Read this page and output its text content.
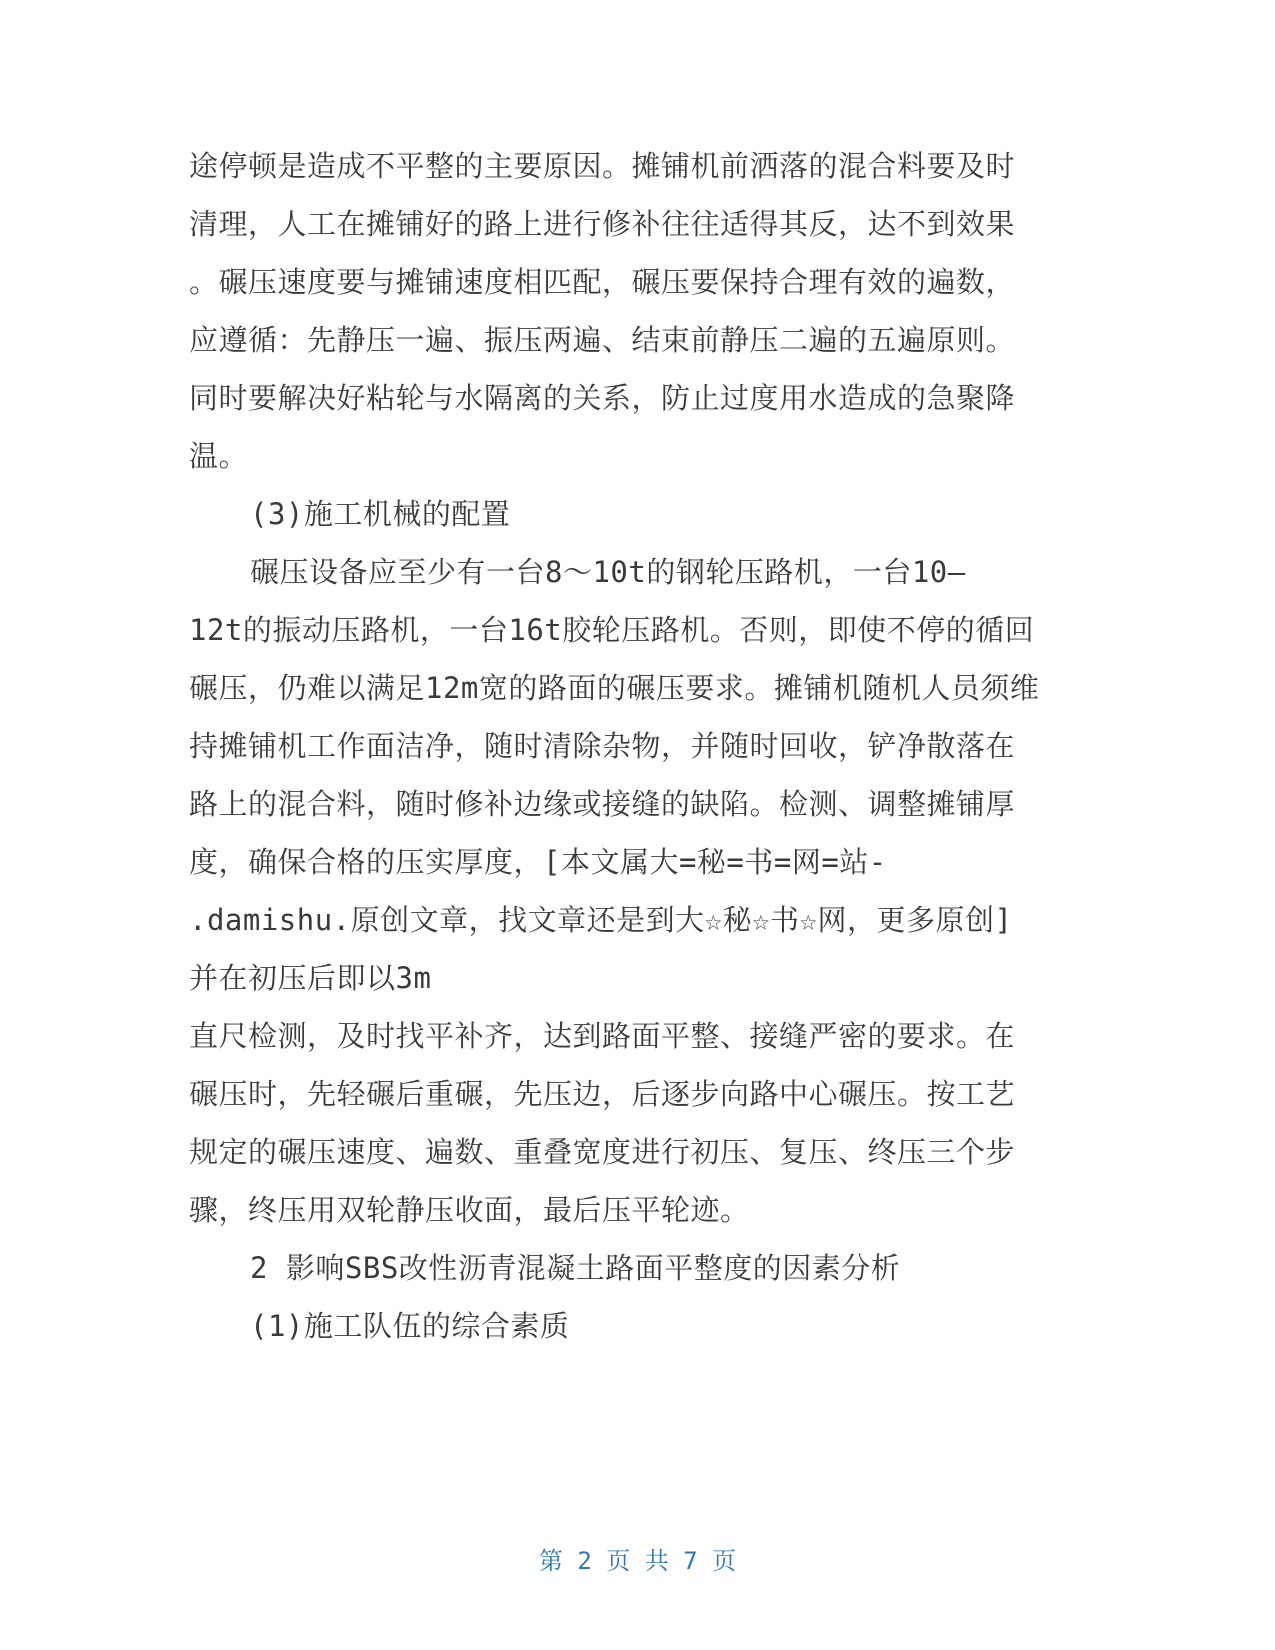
途停顿是造成不平整的主要原因。摊铺机前洒落的混合料要及时
清理，人工在摊铺好的路上进行修补往往适得其反，达不到效果
。碾压速度要与摊铺速度相匹配，碾压要保持合理有效的遍数，
应遵循：先静压一遍、振压两遍、结束前静压二遍的五遍原则。
同时要解决好粘轮与水隔离的关系，防止过度用水造成的急聚降
温。
(3)施工机械的配置
碾压设备应至少有一台8～10t的钢轮压路机，一台10—
12t的振动压路机，一台16t胶轮压路机。否则，即使不停的循回
碾压，仍难以满足12m宽的路面的碾压要求。摊铺机随机人员须维
持摊铺机工作面洁净，随时清除杂物，并随时回收，铲净散落在
路上的混合料，随时修补边缘或接缝的缺陷。检测、调整摊铺厚
度，确保合格的压实厚度，[本文属大=秘=书=网=站-
.damishu.原创文章，找文章还是到大☆秘☆书☆网，更多原创]
并在初压后即以3m
直尺检测，及时找平补齐，达到路面平整、接缝严密的要求。在
碾压时，先轻碾后重碾，先压边，后逐步向路中心碾压。按工艺
规定的碾压速度、遍数、重叠宽度进行初压、复压、终压三个步
骤，终压用双轮静压收面，最后压平轮迹。
2 影响SBS改性沥青混凝土路面平整度的因素分析
(1)施工队伍的综合素质
第 2 页 共 7 页
